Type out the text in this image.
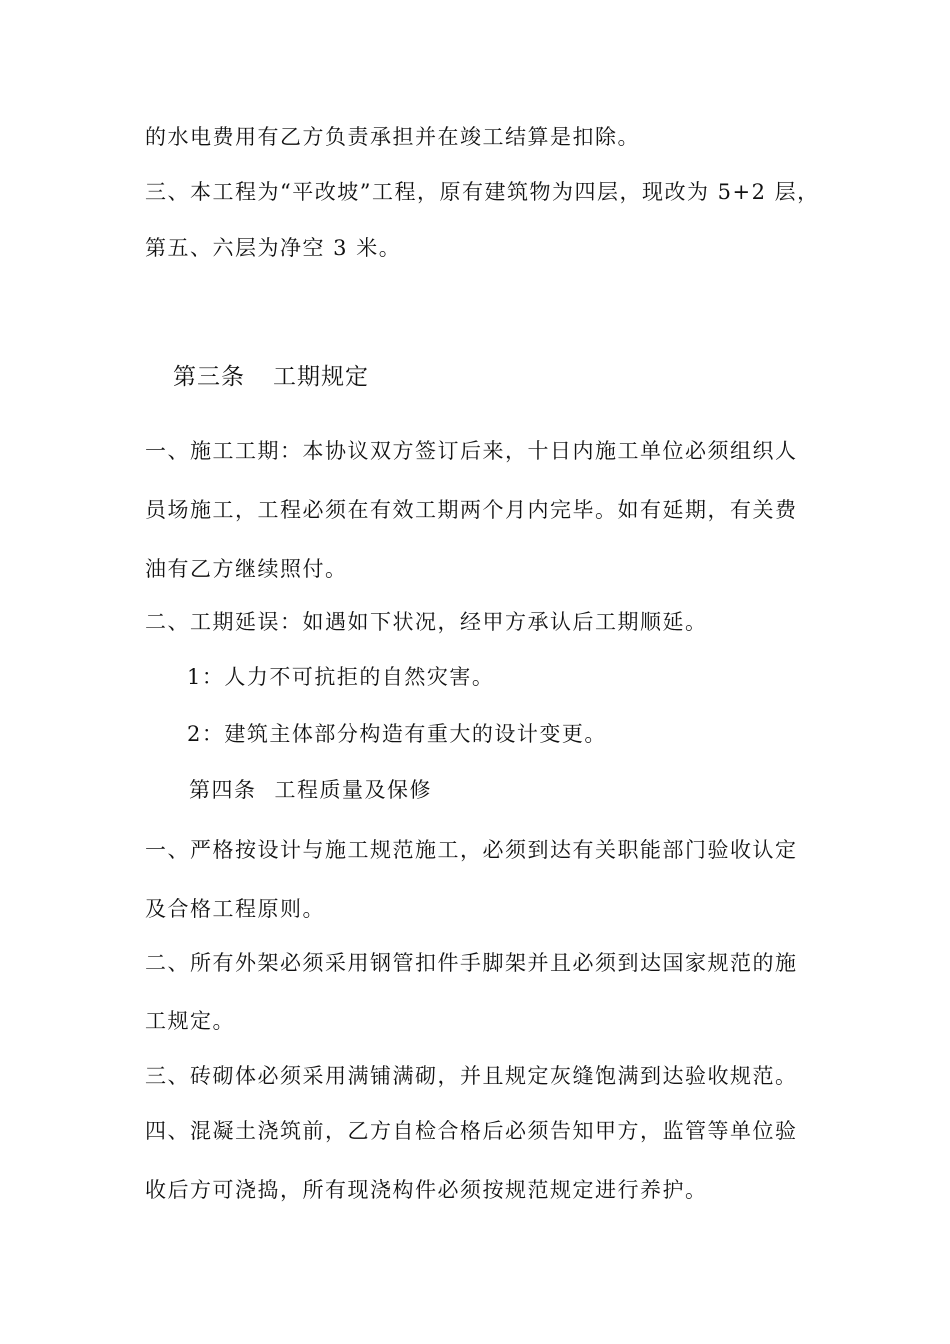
的水电费用有乙方负责承担并在竣工结算是扣除。
三、本工程为“平改坡”工程，原有建筑物为四层，现改为 5+2 层，
第五、六层为净空 3 米。
第三条 工期规定
一、施工工期：本协议双方签订后来，十日内施工单位必须组织人
员场施工，工程必须在有效工期两个月内完毕。如有延期，有关费
油有乙方继续照付。
二、工期延误：如遇如下状况，经甲方承认后工期顺延。
1：人力不可抗拒的自然灾害。
2：建筑主体部分构造有重大的设计变更。
第四条 工程质量及保修
一、严格按设计与施工规范施工，必须到达有关职能部门验收认定
及合格工程原则。
二、所有外架必须采用钢管扣件手脚架并且必须到达国家规范的施
工规定。
三、砖砌体必须采用满铺满砌，并且规定灰缝饱满到达验收规范。
四、混凝土浇筑前，乙方自检合格后必须告知甲方，监管等单位验
收后方可浇捣，所有现浇构件必须按规范规定进行养护。
